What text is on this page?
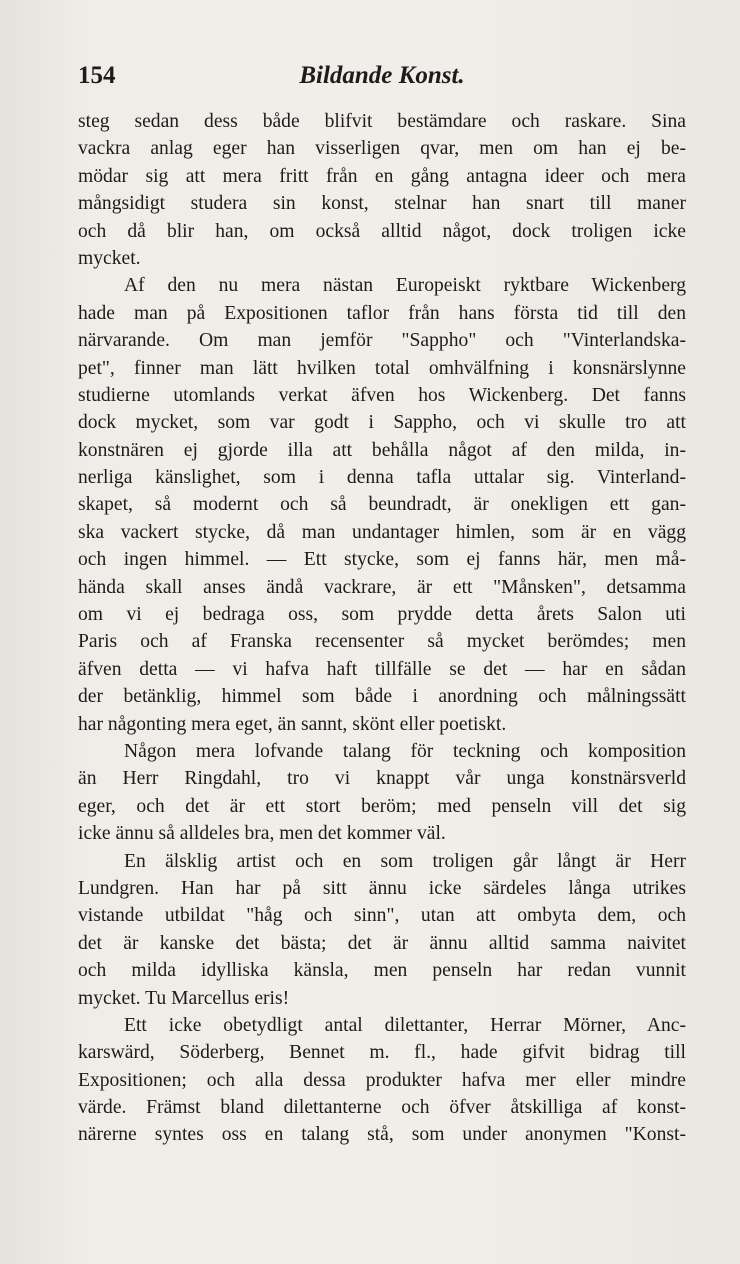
154	Bildande Konst.
steg sedan dess både blifvit bestämdare och raskare. Sina
vackra anlag eger han visserligen qvar, men om han ej be-
mödar sig att mera fritt från en gång antagna ideer och mera
mångsidigt studera sin konst, stelnar han snart till maner
och då blir han, om också alltid något, dock troligen icke
mycket.
Af den nu mera nästan Europeiskt ryktbare Wickenberg
hade man på Expositionen taflor från hans första tid till den
närvarande. Om man jemför "Sappho" och "Vinterlandska-
pet", finner man lätt hvilken total omhvälfning i konsnärslynne
studierne utomlands verkat äfven hos Wickenberg. Det fanns
dock mycket, som var godt i Sappho, och vi skulle tro att
konstnären ej gjorde illa att behålla något af den milda, in-
nerliga känslighet, som i denna tafla uttalar sig. Vinterland-
skapet, så modernt och så beundradt, är onekligen ett gan-
ska vackert stycke, då man undantager himlen, som är en vägg
och ingen himmel. — Ett stycke, som ej fanns här, men må-
hända skall anses ändå vackrare, är ett "Månsken", detsamma
om vi ej bedraga oss, som prydde detta årets Salon uti
Paris och af Franska recensenter så mycket berömdes; men
äfven detta — vi hafva haft tillfälle se det — har en sådan
der betänklig, himmel som både i anordning och målningssätt
har någonting mera eget, än sannt, skönt eller poetiskt.
Någon mera lofvande talang för teckning och komposition
än Herr Ringdahl, tro vi knappt vår unga konstnärsverld
eger, och det är ett stort beröm; med penseln vill det sig
icke ännu så alldeles bra, men det kommer väl.
En älsklig artist och en som troligen går långt är Herr
Lundgren. Han har på sitt ännu icke särdeles långa utrikes
vistande utbildat "håg och sinn", utan att ombyta dem, och
det är kanske det bästa; det är ännu alltid samma naivitet
och milda idylliska känsla, men penseln har redan vunnit
mycket. Tu Marcellus eris!
Ett icke obetydligt antal dilettanter, Herrar Mörner, Anc-
karswärd, Söderberg, Bennet m. fl., hade gifvit bidrag till
Expositionen; och alla dessa produkter hafva mer eller mindre
värde. Främst bland dilettanterne och öfver åtskilliga af konst-
närerne syntes oss en talang stå, som under anonymen "Konst-
